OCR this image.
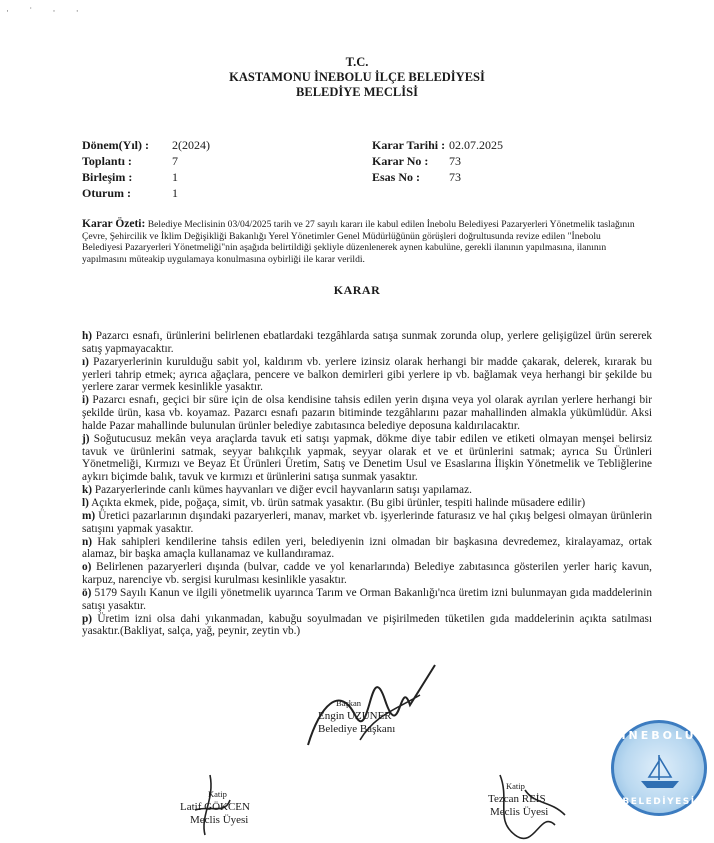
· ˙ · ·
T.C.
KASTAMONU İNEBOLU İLÇE BELEDİYESİ
BELEDİYE MECLİSİ
Dönem(Yıl) :	2(2024)
Toplantı :	7
Birleşim :	1
Oturum :	1
Karar Tarihi : 02.07.2025
Karar No :	73
Esas No :	73
Karar Özeti: Belediye Meclisinin 03/04/2025 tarih ve 27 sayılı kararı ile kabul edilen İnebolu Belediyesi Pazaryerleri Yönetmelik taslağının Çevre, Şehircilik ve İklim Değişikliği Bakanlığı Yerel Yönetimler Genel Müdürlüğünün görüşleri doğrultusunda revize edilen "İnebolu Belediyesi Pazaryerleri Yönetmeliği"nin aşağıda belirtildiği şekliyle düzenlenerek aynen kabulüne, gerekli ilanının yapılmasına, ilanının yapılmasını müteakip uygulamaya konulmasına oybirliği ile karar verildi.
KARAR

h) Pazarcı esnafı, ürünlerini belirlenen ebatlardaki tezgâhlarda satışa sunmak zorunda olup, yerlere gelişigüzel ürün sererek satış yapmayacaktır.

ı) Pazaryerlerinin kurulduğu sabit yol, kaldırım vb. yerlere izinsiz olarak herhangi bir madde çakarak, delerek, kırarak bu yerleri tahrip etmek; ayrıca ağaçlara, pencere ve balkon demirleri gibi yerlere ip vb. bağlamak veya herhangi bir şekilde bu yerlere zarar vermek kesinlikle yasaktır.

i) Pazarcı esnafı, geçici bir süre için de olsa kendisine tahsis edilen yerin dışına veya yol olarak ayrılan yerlere herhangi bir şekilde ürün, kasa vb. koyamaz. Pazarcı esnafı pazarın bitiminde tezgâhlarını pazar mahallinden almakla yükümlüdür. Aksi halde Pazar mahallinde bulunulan ürünler belediye zabıtasınca belediye deposuna kaldırılacaktır.

j) Soğutucusuz mekân veya araçlarda tavuk eti satışı yapmak, dökme diye tabir edilen ve etiketi olmayan menşei belirsiz tavuk ve ürünlerini satmak, seyyar balıkçılık yapmak, seyyar olarak et ve et ürünlerini satmak; ayrıca Su Ürünleri Yönetmeliği, Kırmızı ve Beyaz Et Ürünleri Üretim, Satış ve Denetim Usul ve Esaslarına İlişkin Yönetmelik ve Tebliğlerine aykırı biçimde balık, tavuk ve kırmızı et ürünlerini satışa sunmak yasaktır.

k) Pazaryerlerinde canlı kümes hayvanları ve diğer evcil hayvanların satışı yapılamaz.

l) Açıkta ekmek, pide, poğaça, simit, vb. ürün satmak yasaktır. (Bu gibi ürünler, tespiti halinde müsadere edilir)

m) Üretici pazarlarının dışındaki pazaryerleri, manav, market vb. işyerlerinde faturasız ve hal çıkış belgesi olmayan ürünlerin satışını yapmak yasaktır.

n) Hak sahipleri kendilerine tahsis edilen yeri, belediyenin izni olmadan bir başkasına devredemez, kiralayamaz, ortak alamaz, bir başka amaçla kullanamaz ve kullandıramaz.

o) Belirlenen pazaryerleri dışında (bulvar, cadde ve yol kenarlarında) Belediye zabıtasınca gösterilen yerler hariç kavun, karpuz, narenciye vb. sergisi kurulması kesinlikle yasaktır.

ö) 5179 Sayılı Kanun ve ilgili yönetmelik uyarınca Tarım ve Orman Bakanlığı'nca üretim izni bulunmayan gıda maddelerinin satışı yasaktır.

p) Üretim izni olsa dahi yıkanmadan, kabuğu soyulmadan ve pişirilmeden tüketilen gıda maddelerinin açıkta satılması yasaktır.(Bakliyat, salça, yağ, peynir, zeytin vb.)

Başkan
Engin UZUNER
Belediye Başkanı
Katip
Latif GÖKCEN
Meclis Üyesi
Katip
Tezcan REİS
Meclis Üyesi
İNEBOLU
BELEDİYESİ
